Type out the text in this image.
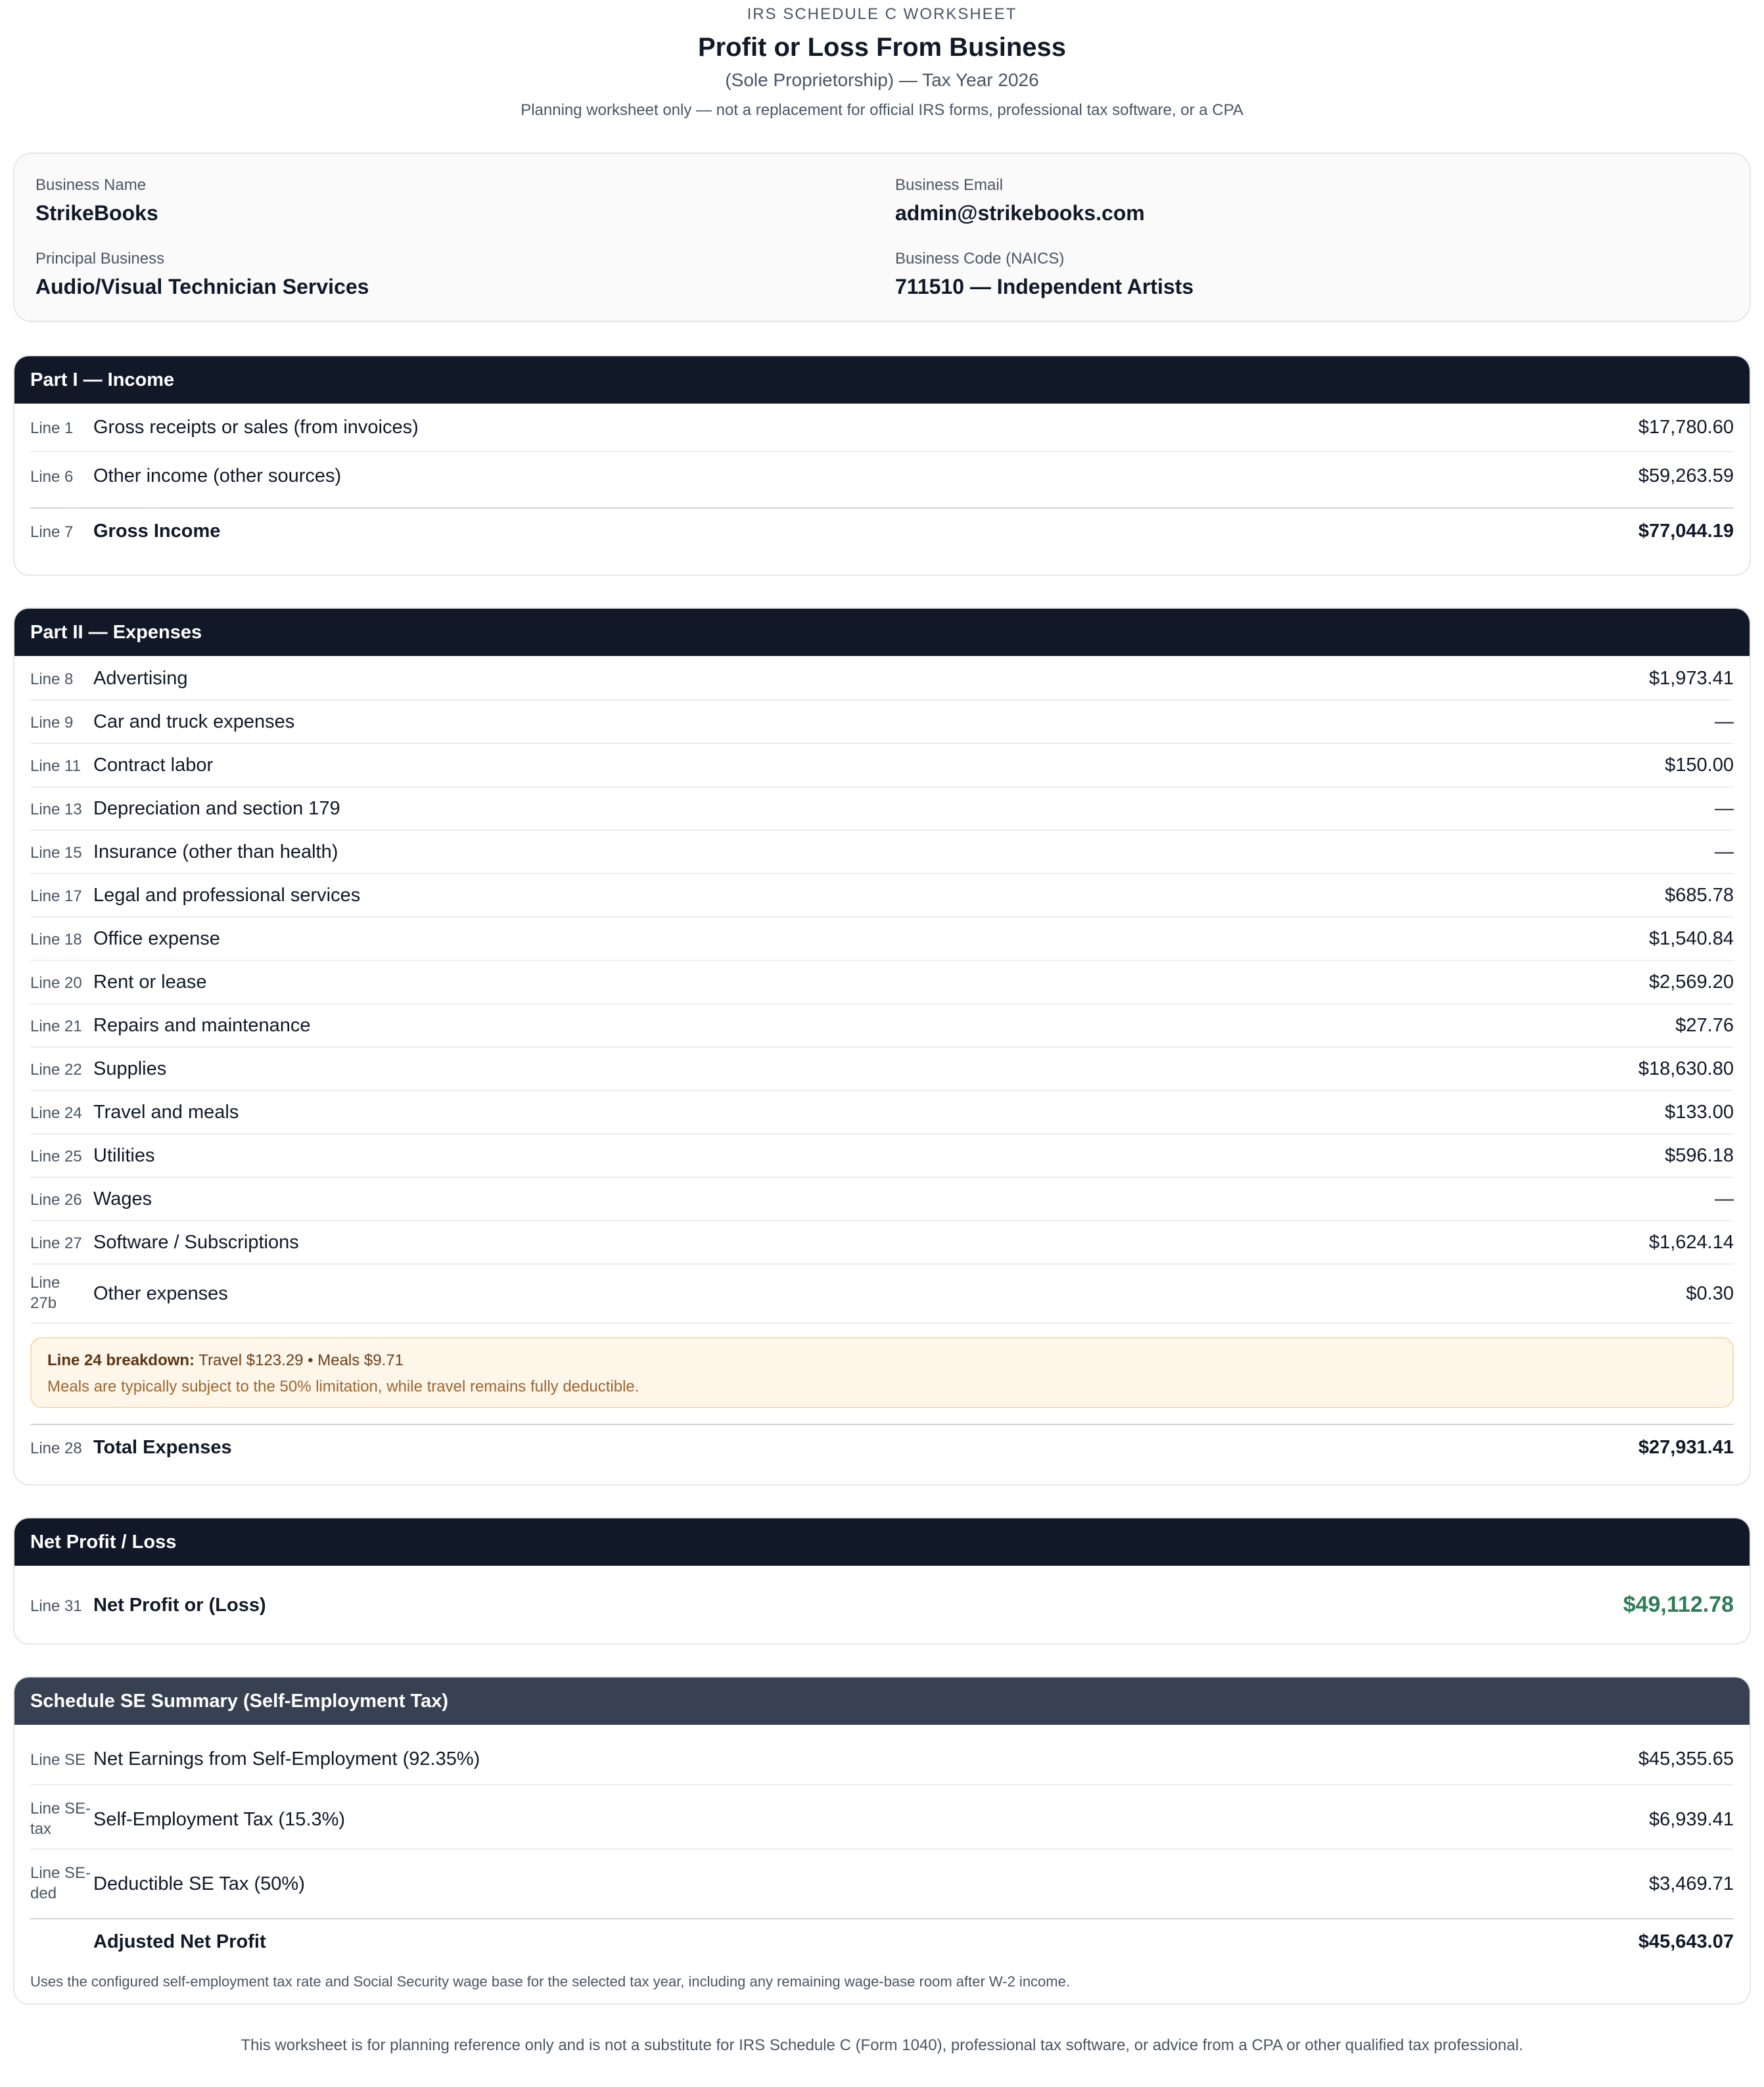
IRS SCHEDULE C WORKSHEET
Profit or Loss From Business
(Sole Proprietorship) — Tax Year 2026
Planning worksheet only — not a replacement for official IRS forms, professional tax software, or a CPA
Business Name
StrikeBooks
Business Email
admin@strikebooks.com
Principal Business
Audio/Visual Technician Services
Business Code (NAICS)
711510 — Independent Artists
Part I — Income
Line 1	Gross receipts or sales (from invoices)	$17,780.60
Line 6	Other income (other sources)	$59,263.59
Line 7	Gross Income	$77,044.19
Part II — Expenses
Line 8	Advertising	$1,973.41
Line 9	Car and truck expenses	—
Line 11 Contract labor	$150.00
Line 13 Depreciation and section 179	—
Line 15 Insurance (other than health)	—
Line 17 Legal and professional services	$685.78
Line 18 Office expense	$1,540.84
Line 20 Rent or lease	$2,569.20
Line 21 Repairs and maintenance	$27.76
Line 22 Supplies	$18,630.80
Line 24 Travel and meals	$133.00
Line 25 Utilities	$596.18
Line 26 Wages	—
Line 27 Software / Subscriptions	$1,624.14
Line 27b	Other expenses	$0.30
Line 24 breakdown: Travel $123.29 • Meals $9.71
Meals are typically subject to the 50% limitation, while travel remains fully deductible.
Line 28 Total Expenses	$27,931.41
Net Profit / Loss
Line 31 Net Profit or (Loss)	$49,112.78
Schedule SE Summary (Self-Employment Tax)
Line SE Net Earnings from Self-Employment (92.35%)	$45,355.65
Line SE-tax	Self-Employment Tax (15.3%)	$6,939.41
Line SE-ded	Deductible SE Tax (50%)	$3,469.71
Adjusted Net Profit	$45,643.07
Uses the configured self-employment tax rate and Social Security wage base for the selected tax year, including any remaining wage-base room after W-2 income.
This worksheet is for planning reference only and is not a substitute for IRS Schedule C (Form 1040), professional tax software, or advice from a CPA or other qualified tax professional.
